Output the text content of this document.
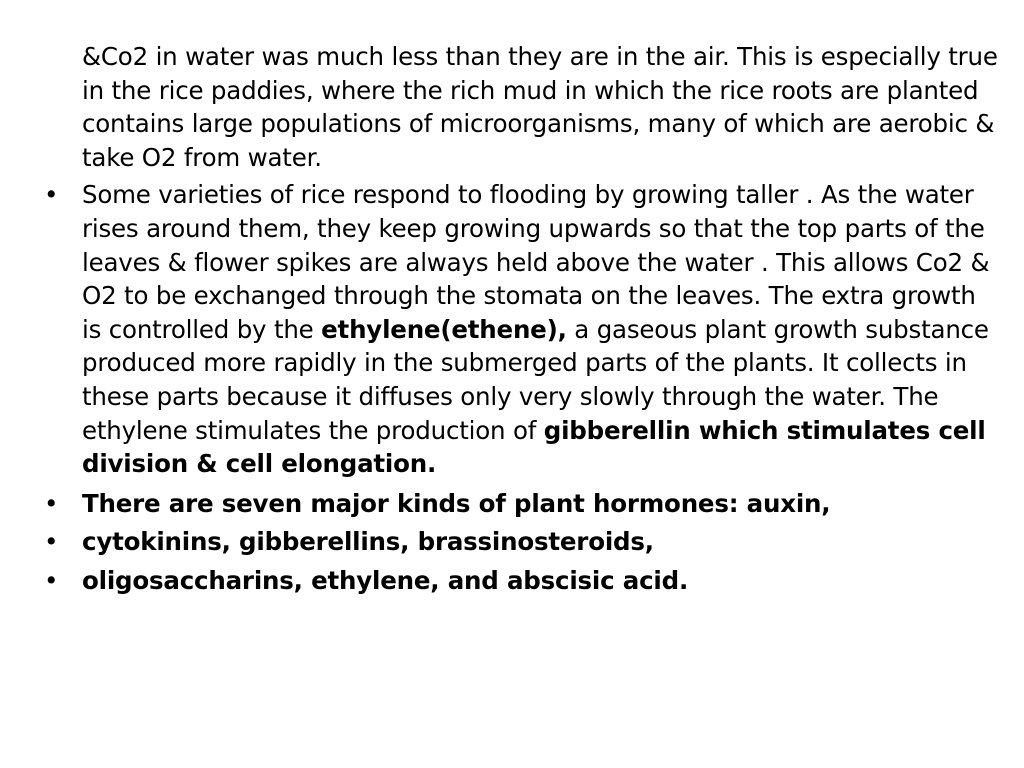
&Co2 in water was much less than they are in the air. This is especially true in the rice paddies, where the rich mud in which the rice roots are planted contains large populations of microorganisms, many of which are aerobic & take O2 from water.

• Some varieties of rice respond to flooding by growing taller . As the water rises around them, they keep growing upwards so that the top parts of the leaves & flower spikes are always held above the water . This allows Co2 & O2 to be exchanged through the stomata on the leaves. The extra growth is controlled by the ethylene(ethene), a gaseous plant growth substance produced more rapidly in the submerged parts of the plants. It collects in these parts because it diffuses only very slowly through the water. The ethylene stimulates the production of gibberellin which stimulates cell division & cell elongation.
• There are seven major kinds of plant hormones: auxin,
• cytokinins, gibberellins, brassinosteroids,
• oligosaccharins, ethylene, and abscisic acid.
